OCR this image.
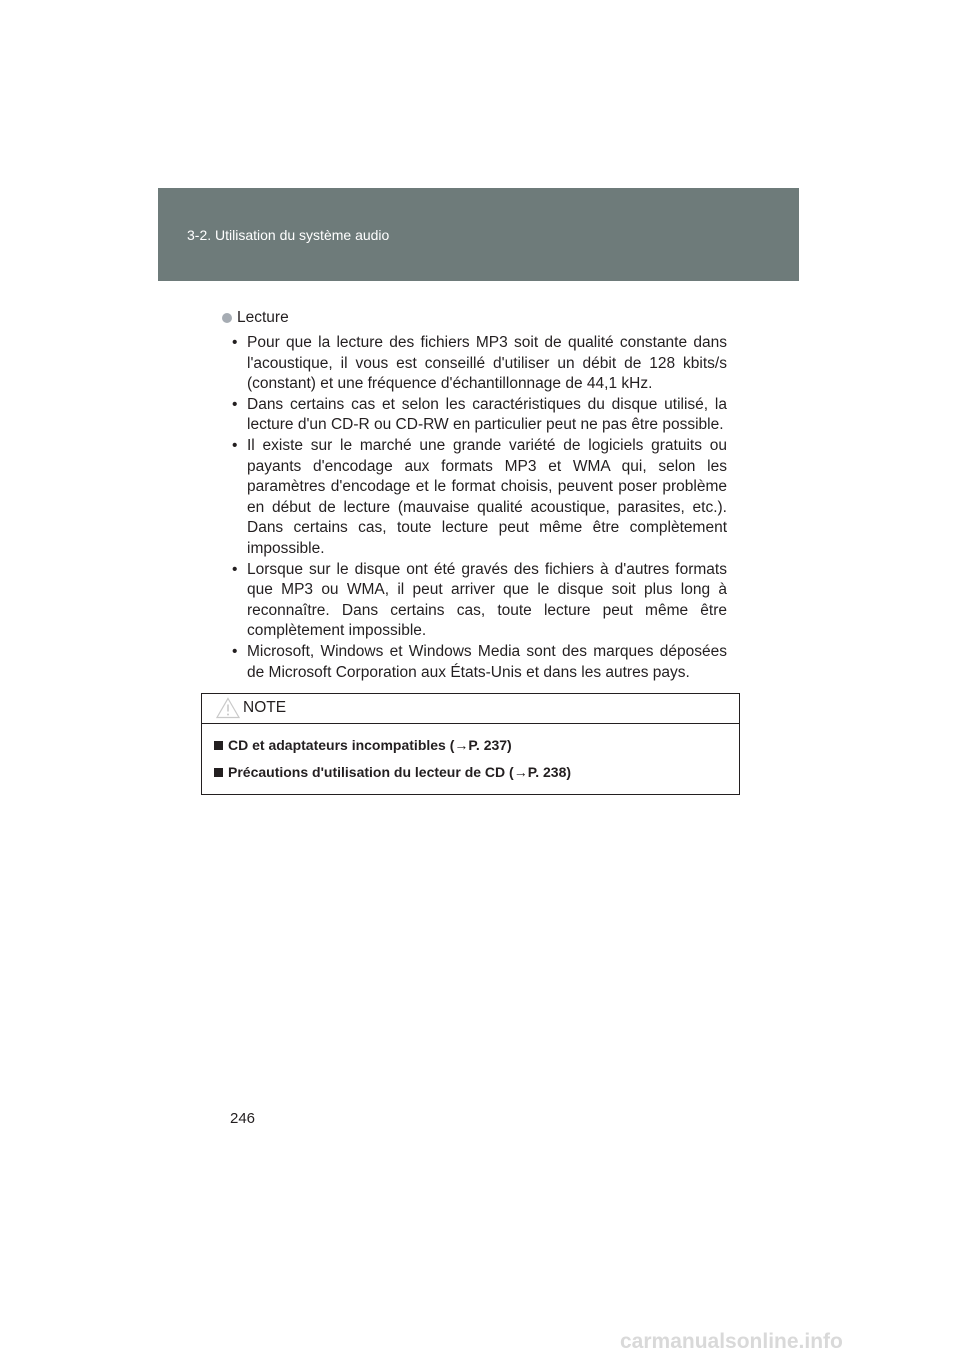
3-2. Utilisation du système audio
Lecture
• Pour que la lecture des fichiers MP3 soit de qualité constante dans l'acoustique, il vous est conseillé d'utiliser un débit de 128 kbits/s (constant) et une fréquence d'échantillonnage de 44,1 kHz.
• Dans certains cas et selon les caractéristiques du disque utilisé, la lecture d'un CD-R ou CD-RW en particulier peut ne pas être possible.
• Il existe sur le marché une grande variété de logiciels gratuits ou payants d'encodage aux formats MP3 et WMA qui, selon les paramètres d'encodage et le format choisis, peuvent poser problème en début de lecture (mauvaise qualité acoustique, parasites, etc.). Dans certains cas, toute lecture peut même être complètement impossible.
• Lorsque sur le disque ont été gravés des fichiers à d'autres formats que MP3 ou WMA, il peut arriver que le disque soit plus long à reconnaître. Dans certains cas, toute lecture peut même être complètement impossible.
• Microsoft, Windows et Windows Media sont des marques déposées de Microsoft Corporation aux États-Unis et dans les autres pays.
NOTE
CD et adaptateurs incompatibles (→P. 237)
Précautions d'utilisation du lecteur de CD (→P. 238)
246
carmanualsonline.info
